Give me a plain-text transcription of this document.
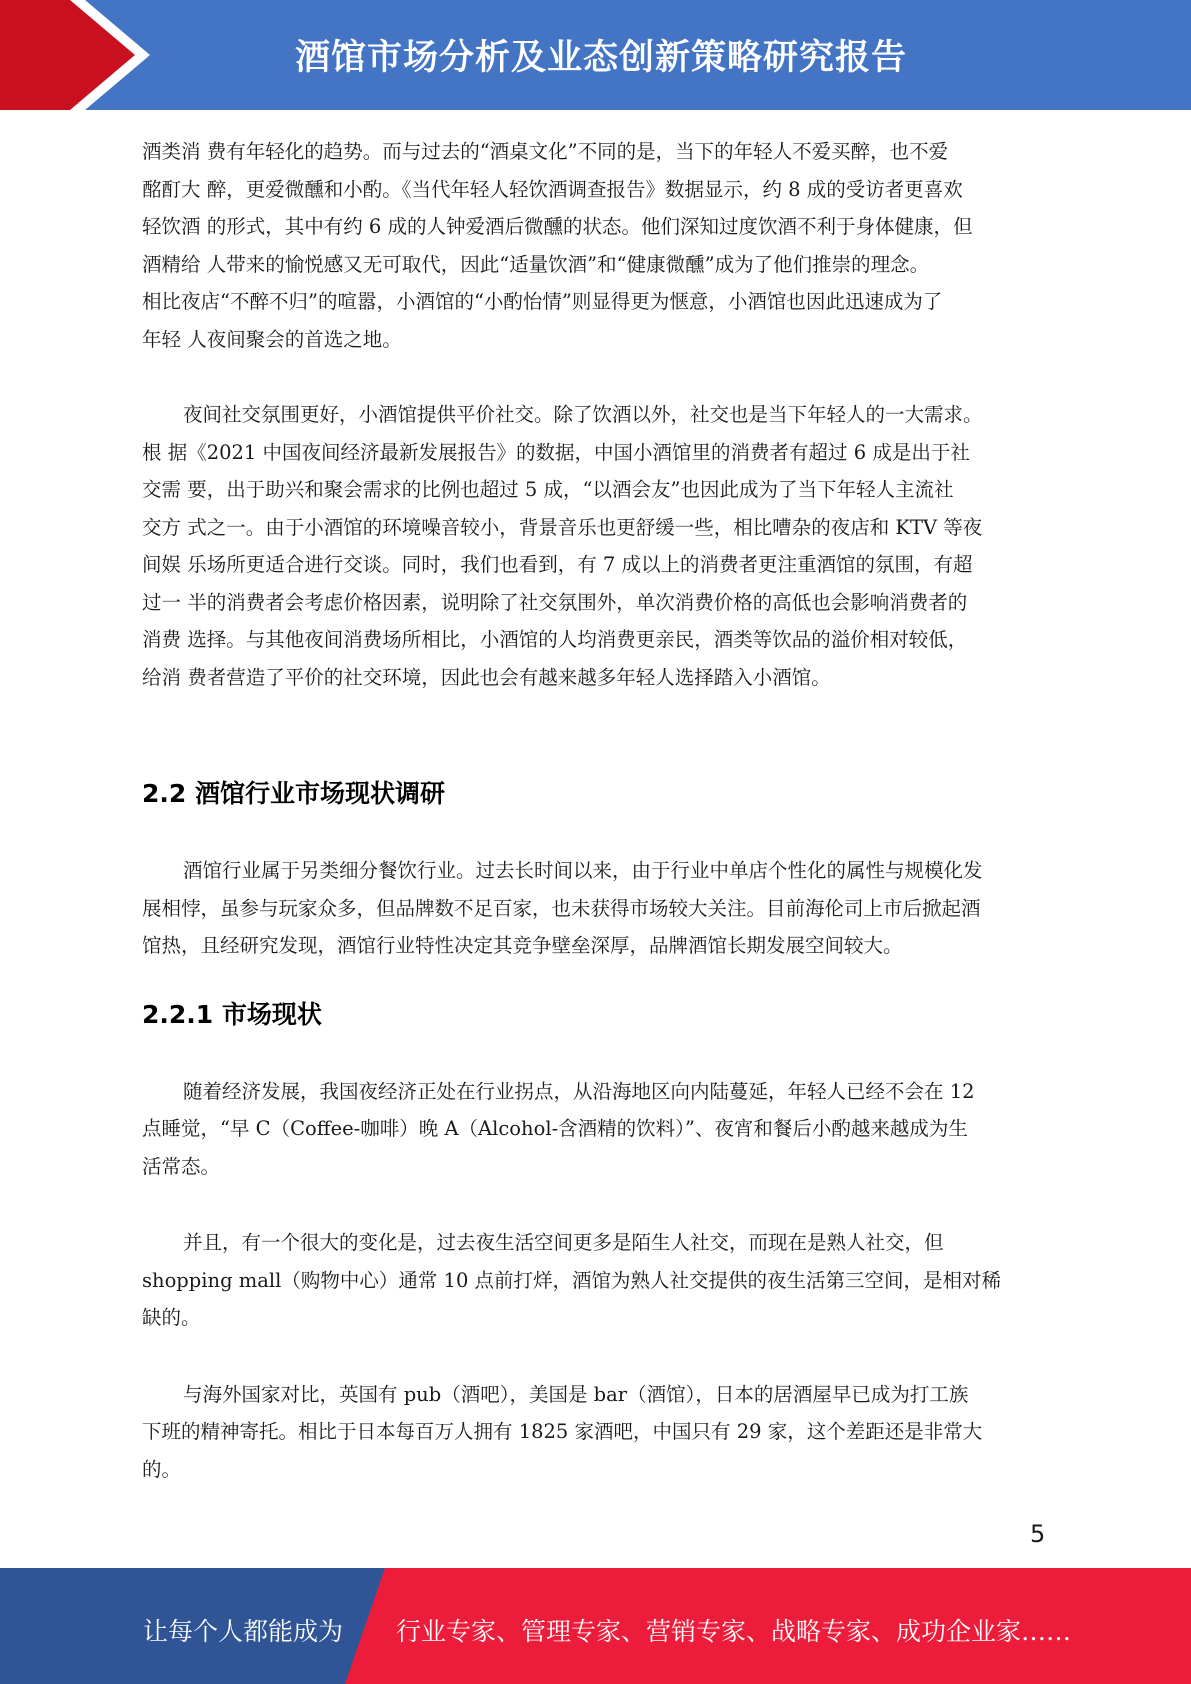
酒馆市场分析及业态创新策略研究报告
酒类消 费有年轻化的趋势。而与过去的“酒桌文化”不同的是，当下的年轻人不爱买醉，也不爱
酩酊大 醉，更爱微醺和小酌。《当代年轻人轻饮酒调查报告》数据显示，约 8 成的受访者更喜欢
轻饮酒 的形式，其中有约 6 成的人钟爱酒后微醺的状态。他们深知过度饮酒不利于身体健康，但
酒精给 人带来的愉悦感又无可取代，因此“适量饮酒”和“健康微醺”成为了他们推崇的理念。
相比夜店“不醉不归”的喧嚣，小酒馆的“小酌怡情”则显得更为惬意，小酒馆也因此迅速成为了
年轻 人夜间聚会的首选之地。
夜间社交氛围更好，小酒馆提供平价社交。除了饮酒以外，社交也是当下年轻人的一大需求。
根 据《2021 中国夜间经济最新发展报告》的数据，中国小酒馆里的消费者有超过 6 成是出于社
交需 要，出于助兴和聚会需求的比例也超过 5 成，“以酒会友”也因此成为了当下年轻人主流社
交方 式之一。由于小酒馆的环境噪音较小，背景音乐也更舒缓一些，相比嘈杂的夜店和 KTV 等夜
间娱 乐场所更适合进行交谈。同时，我们也看到，有 7 成以上的消费者更注重酒馆的氛围，有超
过一 半的消费者会考虑价格因素，说明除了社交氛围外，单次消费价格的高低也会影响消费者的
消费 选择。与其他夜间消费场所相比，小酒馆的人均消费更亲民，酒类等饮品的溢价相对较低，
给消 费者营造了平价的社交环境，因此也会有越来越多年轻人选择踏入小酒馆。
2.2 酒馆行业市场现状调研
酒馆行业属于另类细分餐饮行业。过去长时间以来，由于行业中单店个性化的属性与规模化发
展相悖，虽参与玩家众多，但品牌数不足百家，也未获得市场较大关注。目前海伦司上市后掀起酒
馆热，且经研究发现，酒馆行业特性决定其竞争壁垒深厚，品牌酒馆长期发展空间较大。
2.2.1 市场现状
随着经济发展，我国夜经济正处在行业拐点，从沿海地区向内陆蔓延，年轻人已经不会在 12
点睡觉，“早 C（Coffee-咖啡）晚 A（Alcohol-含酒精的饮料）”、夜宵和餐后小酌越来越成为生
活常态。
并且，有一个很大的变化是，过去夜生活空间更多是陌生人社交，而现在是熟人社交，但
shopping mall（购物中心）通常 10 点前打烊，酒馆为熟人社交提供的夜生活第三空间，是相对稀
缺的。
与海外国家对比，英国有 pub（酒吧），美国是 bar（酒馆），日本的居酒屋早已成为打工族
下班的精神寄托。相比于日本每百万人拥有 1825 家酒吧，中国只有 29 家，这个差距还是非常大
的。
5
让每个人都能成为 行业专家、管理专家、营销专家、战略专家、成功企业家……
